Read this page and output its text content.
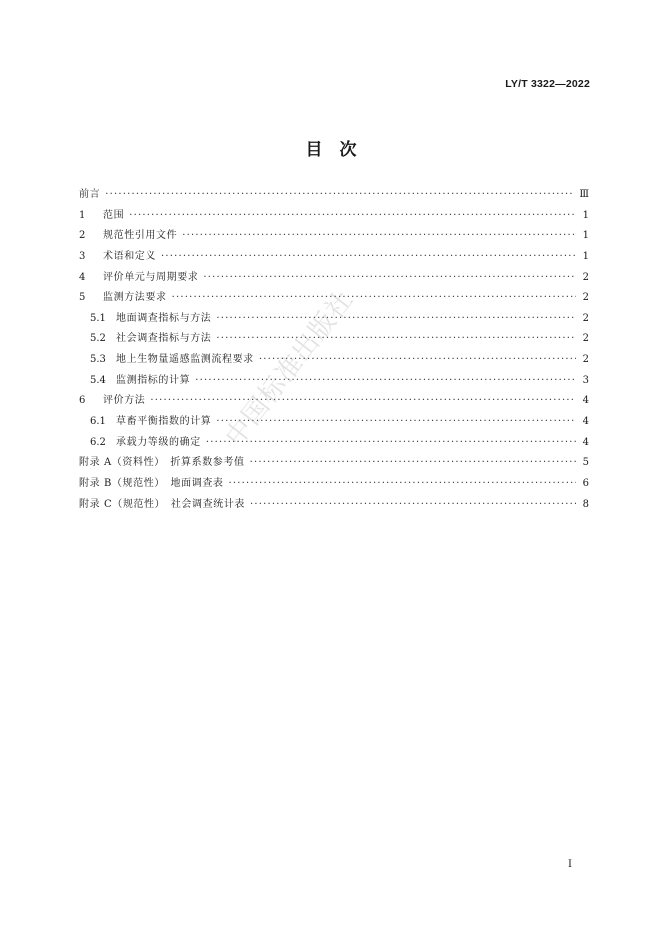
LY/T 3322—2022
目　次
前言 ·····	Ⅲ
1	范围 ·····	1
2	规范性引用文件 ·····	1
3	术语和定义 ·····	1
4	评价单元与周期要求 ·····	2
5	监测方法要求 ·····	2
5.1	地面调查指标与方法 ·····	2
5.2	社会调查指标与方法 ·····	2
5.3	地上生物量遥感监测流程要求 ·····	2
5.4	监测指标的计算 ·····	3
6	评价方法 ·····	4
6.1	草畜平衡指数的计算 ·····	4
6.2	承载力等级的确定 ·····	4
附录 A（资料性）　折算系数参考值 ·····	5
附录 B（规范性）　地面调查表 ·····	6
附录 C（规范性）　社会调查统计表 ·····	8
中国标准出版社
Ⅰ
